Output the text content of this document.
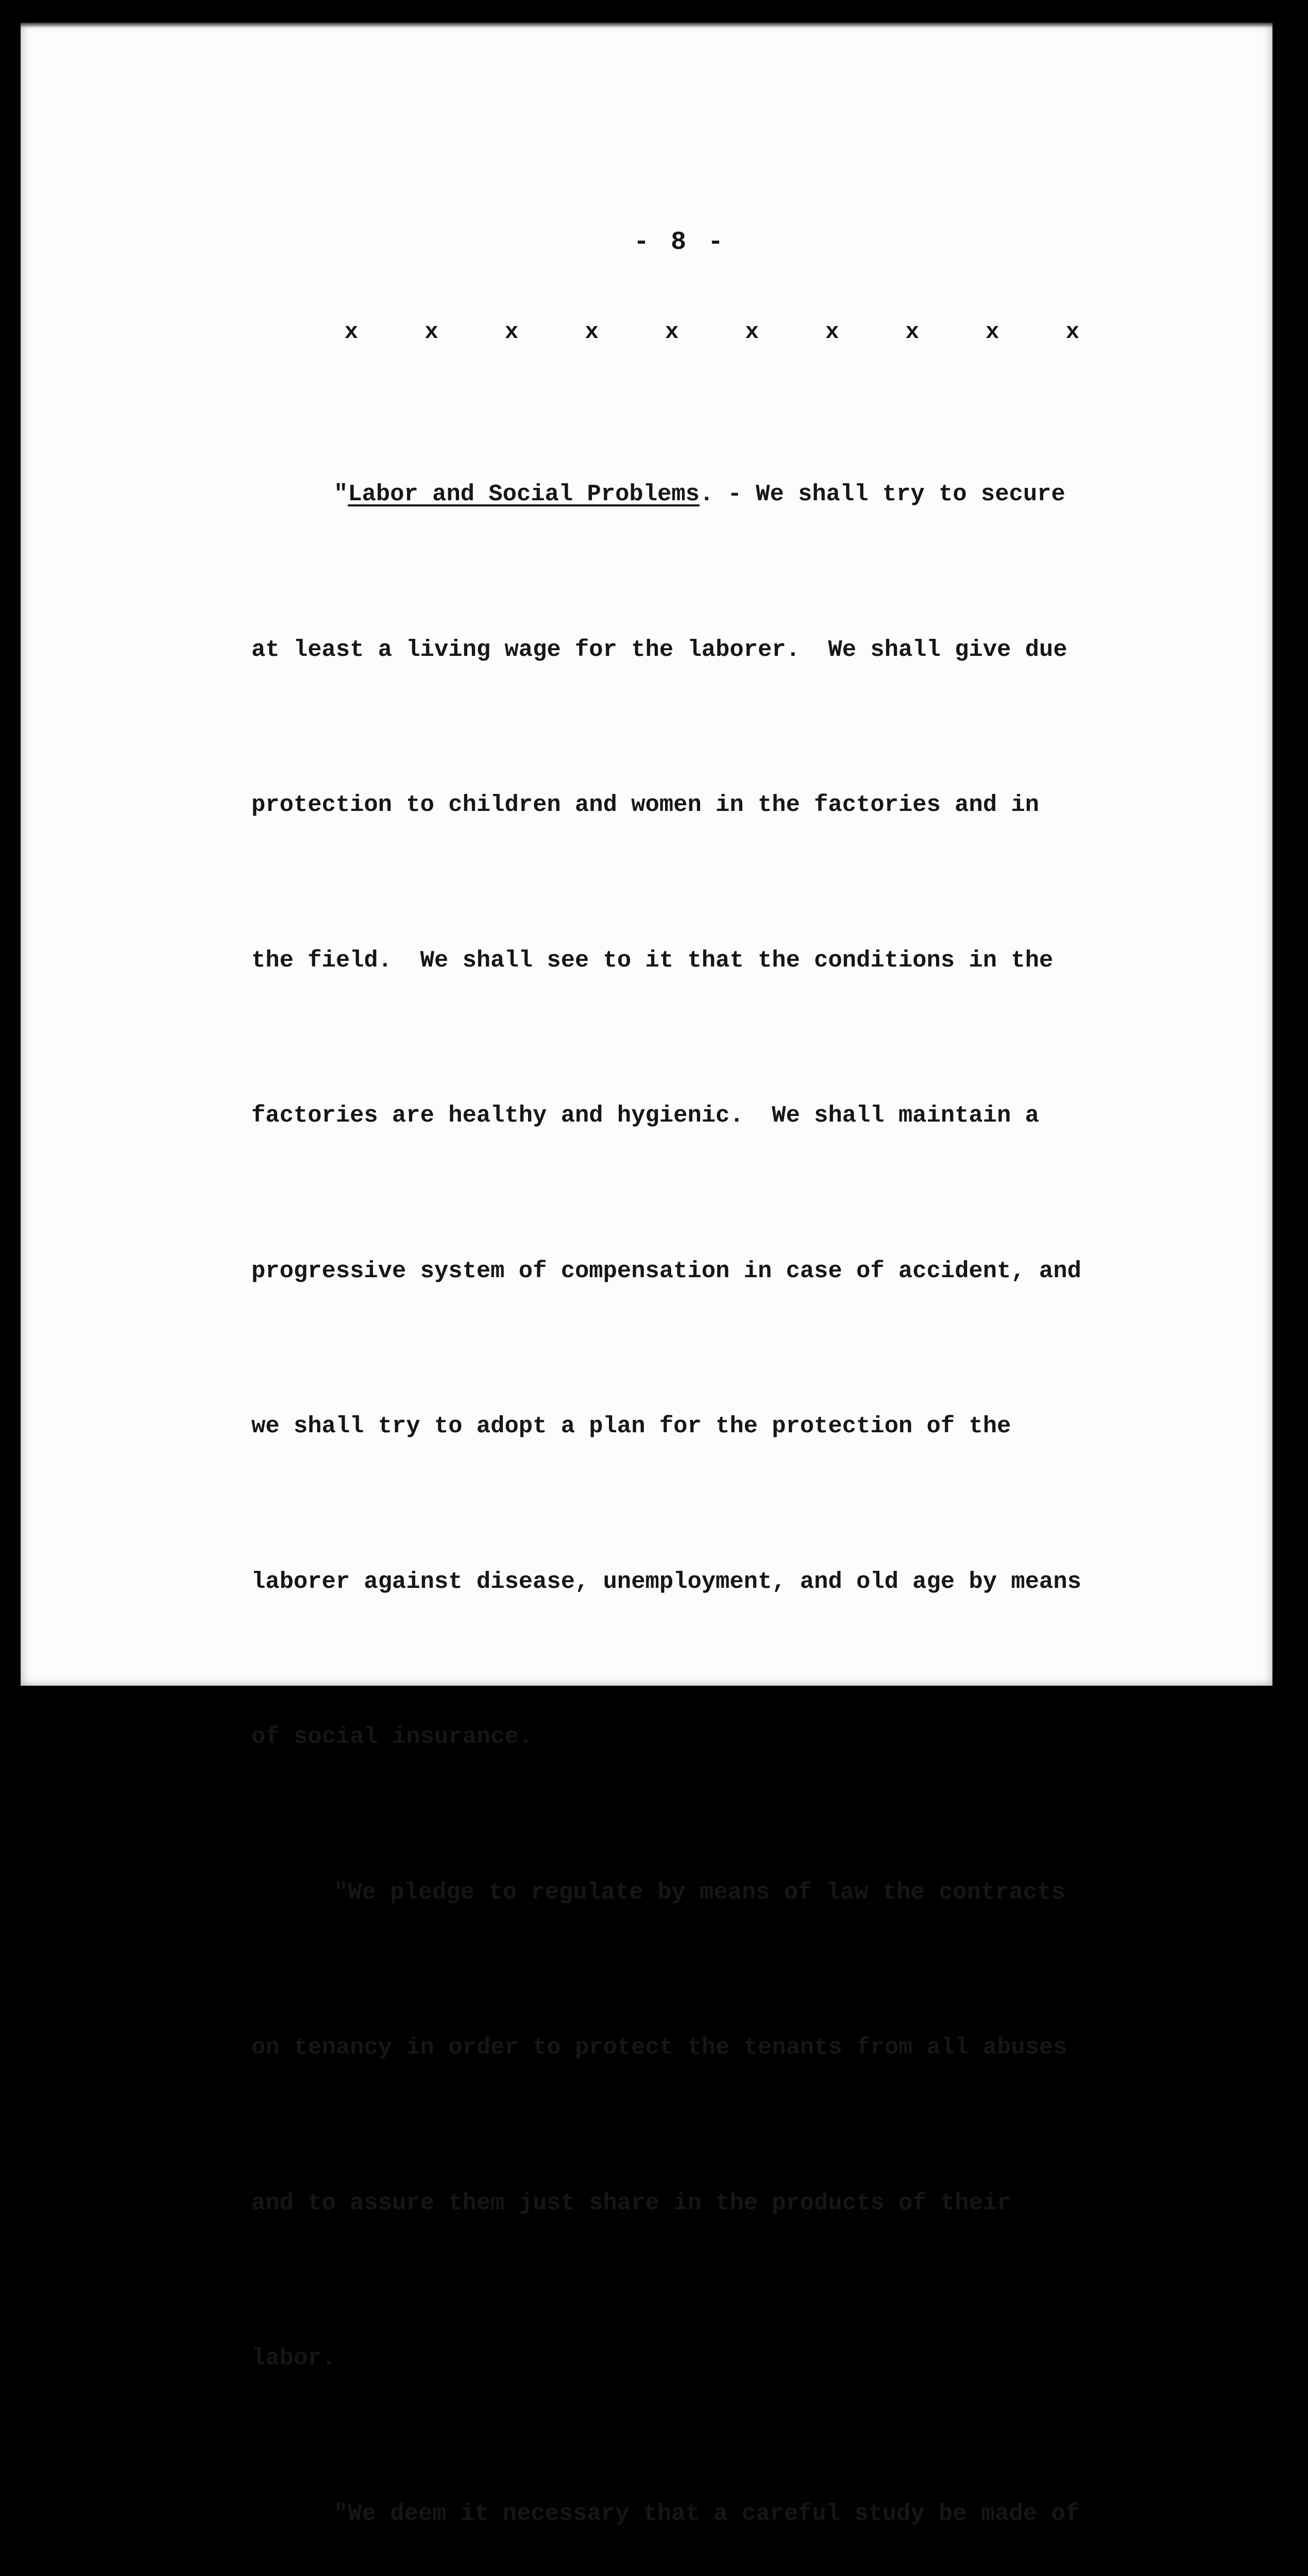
- 8 -
x	x	x	x	x	x	x	x	x	x

"Labor and Social Problems. - We shall try to secure

at least a living wage for the laborer.  We shall give due

protection to children and women in the factories and in

the field.  We shall see to it that the conditions in the

factories are healthy and hygienic.  We shall maintain a

progressive system of compensation in case of accident, and

we shall try to adopt a plan for the protection of the

laborer against disease, unemployment, and old age by means

of social insurance.

"We pledge to regulate by means of law the contracts

on tenancy in order to protect the tenants from all abuses

and to assure them just share in the products of their

labor.

"We deem it necessary that a careful study be made of
